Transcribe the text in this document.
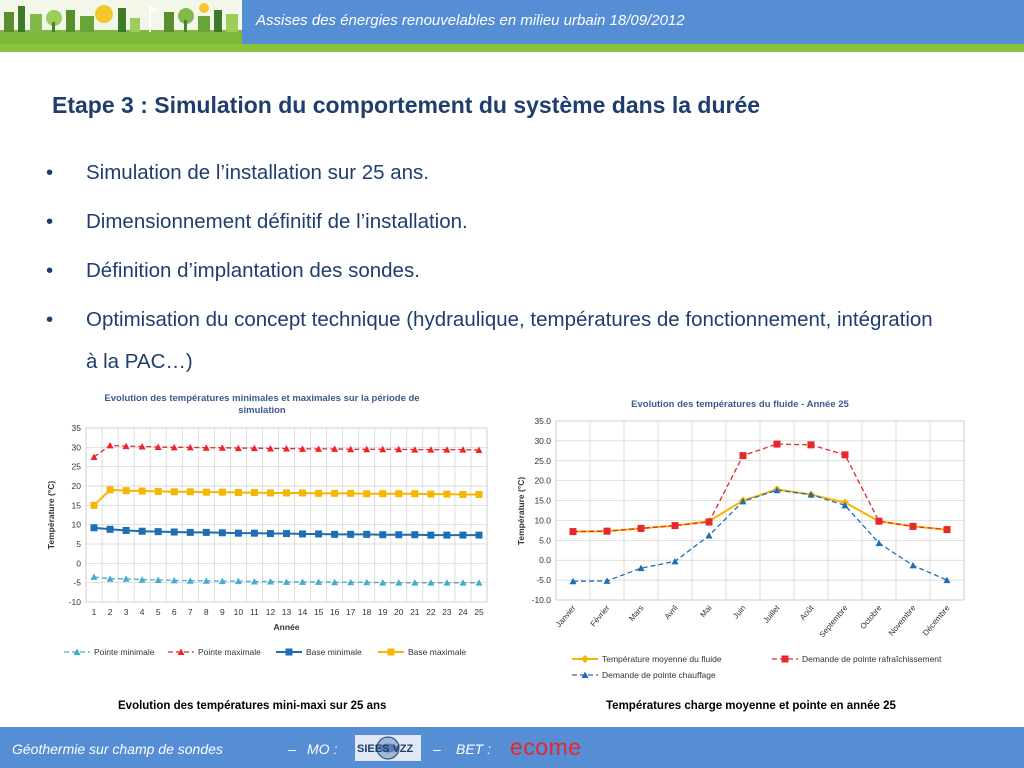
Assises des énergies renouvelables en milieu urbain 18/09/2012
Etape 3 : Simulation du comportement du système dans la durée
•	Simulation de l’installation sur 25 ans.
•	Dimensionnement définitif de l’installation.
•	Définition d’implantation des sondes.
•	Optimisation du concept technique (hydraulique, températures de fonctionnement, intégration à la PAC…)
Evolution des températures minimales et maximales sur la période de
simulation
-10
-5
0
5
10
15
20
25
30
35
1 2 3 4 5 6 7 8 9 10 11 12 13 14 15 16 17 18 19 20 21 22 23 24 25
Température (°C)
Année
Pointe minimale	Pointe maximale	Base minimale	Base maximale
Evolution des températures du fluide - Année 25
-10.0
-5.0
0.0
5.0
10.0
15.0
20.0
25.0
30.0
35.0
Janvier Février Mars Avril Mai Juin Juillet Août Septembre Octobre Novembre Décembre
Température (°C)
Température moyenne du fluide	Demande de pointe rafraîchissement
Demande de pointe chauffage
Evolution des températures mini-maxi sur 25 ans	Températures charge moyenne et pointe en année 25
Géothermie sur champ de sondes	– MO :	– BET :
SIEES VZZ	ecome
